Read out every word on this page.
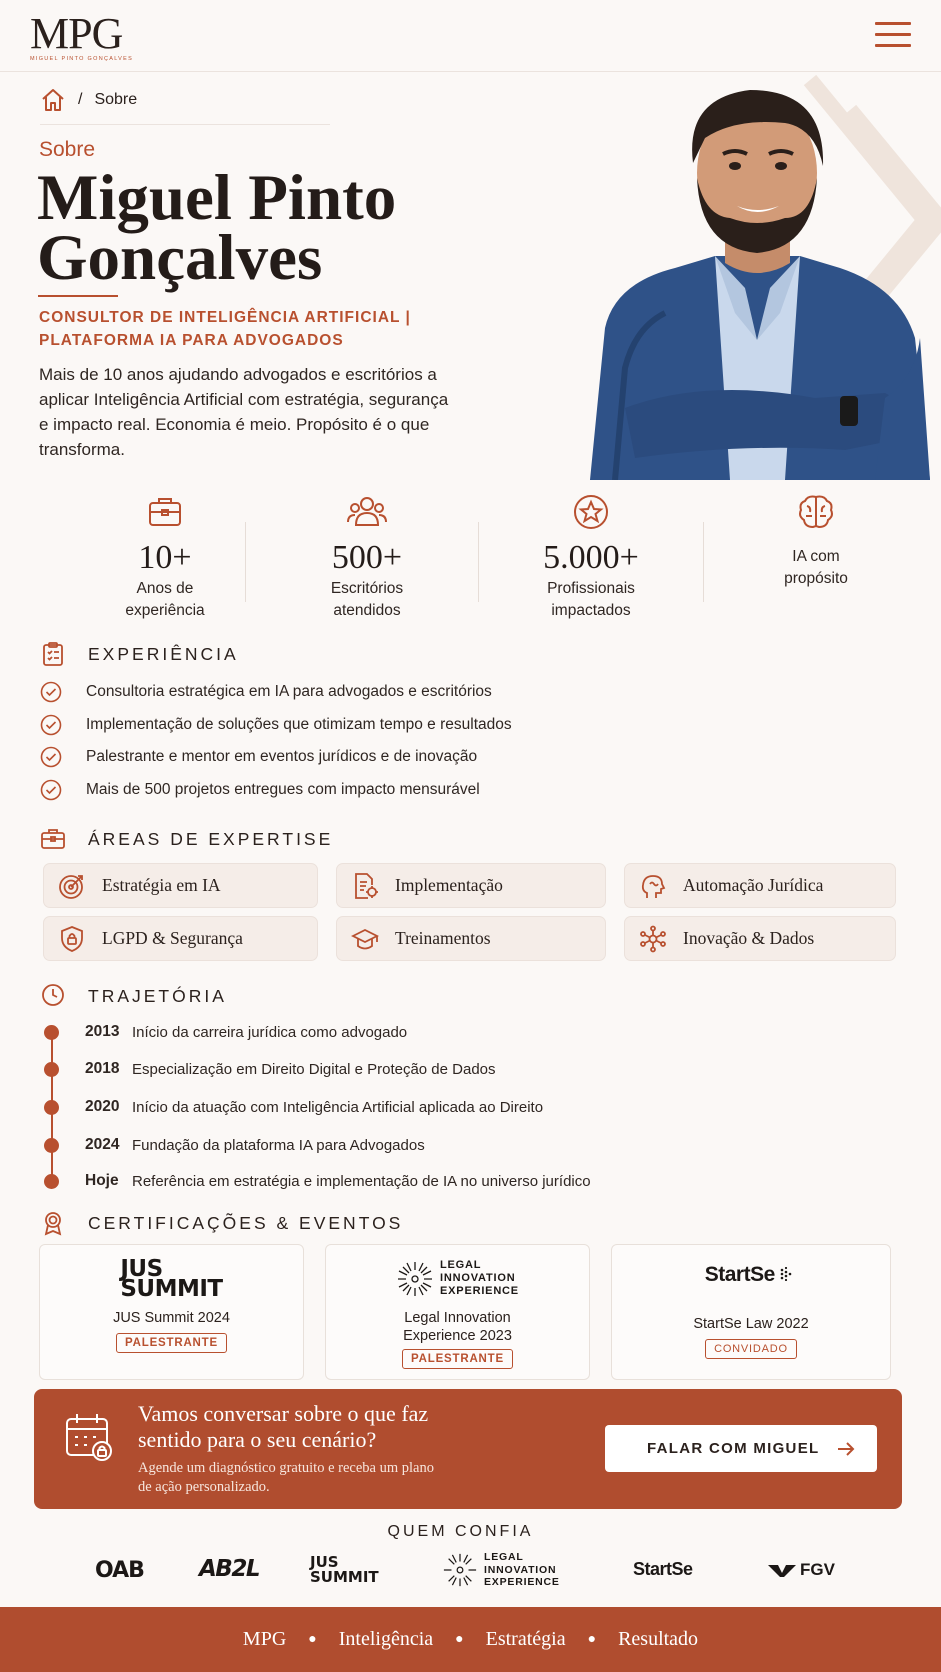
MPG
MIGUEL PINTO GONÇALVES
/ Sobre
Sobre
Miguel Pinto
Gonçalves
CONSULTOR DE INTELIGÊNCIA ARTIFICIAL | PLATAFORMA IA PARA ADVOGADOS

Mais de 10 anos ajudando advogados e escritórios a aplicar Inteligência Artificial com estratégia, segurança e impacto real. Economia é meio. Propósito é o que transforma.

10+
Anos de
experiência
500+
Escritórios
atendidos
5.000+
Profissionais
impactados
IA com
propósito
EXPERIÊNCIA
Consultoria estratégica em IA para advogados e escritórios
Implementação de soluções que otimizam tempo e resultados
Palestrante e mentor em eventos jurídicos e de inovação
Mais de 500 projetos entregues com impacto mensurável
ÁREAS DE EXPERTISE
Estratégia em IA	Implementação	Automação Jurídica
LGPD & Segurança	Treinamentos	Inovação & Dados
TRAJETÓRIA
2013 Início da carreira jurídica como advogado
2018 Especialização em Direito Digital e Proteção de Dados
2020 Início da atuação com Inteligência Artificial aplicada ao Direito
2024 Fundação da plataforma IA para Advogados
Hoje Referência em estratégia e implementação de IA no universo jurídico
CERTIFICAÇÕES & EVENTOS
JUS
SUMMIT
JUS Summit 2024
PALESTRANTE
LEGAL
INNOVATION
EXPERIENCE
Legal Innovation
Experience 2023
PALESTRANTE
StartSe
StartSe Law 2022
CONVIDADO
Vamos conversar sobre o que faz sentido para o seu cenário?
Agende um diagnóstico gratuito e receba um plano de ação personalizado.
FALAR COM MIGUEL
QUEM CONFIA
OAB AB2L	JUS
SUMMIT
LEGAL
INNOVATION
EXPERIENCE
StartSe	FGV
MPG ● Inteligência ● Estratégia ● Resultado
